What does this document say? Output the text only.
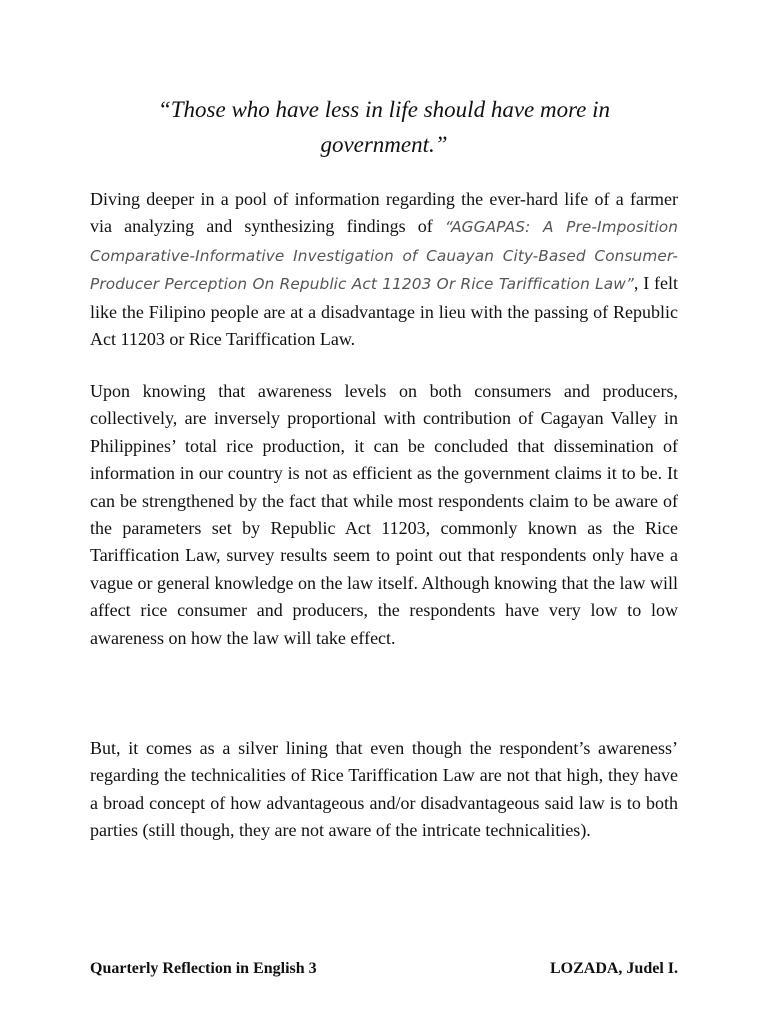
“Those who have less in life should have more in
government.”

Diving deeper in a pool of information regarding the ever-hard life of a farmer via analyzing and synthesizing findings of “AGGAPAS: A Pre-Imposition Comparative-Informative Investigation of Cauayan City-Based Consumer-Producer Perception On Republic Act 11203 Or Rice Tariffication Law”, I felt like the Filipino people are at a disadvantage in lieu with the passing of Republic Act 11203 or Rice Tariffication Law.

Upon knowing that awareness levels on both consumers and producers, collectively, are inversely proportional with contribution of Cagayan Valley in Philippines’ total rice production, it can be concluded that dissemination of information in our country is not as efficient as the government claims it to be. It can be strengthened by the fact that while most respondents claim to be aware of the parameters set by Republic Act 11203, commonly known as the Rice Tariffication Law, survey results seem to point out that respondents only have a vague or general knowledge on the law itself. Although knowing that the law will affect rice consumer and producers, the respondents have very low to low awareness on how the law will take effect.

But, it comes as a silver lining that even though the respondent’s awareness’ regarding the technicalities of Rice Tariffication Law are not that high, they have a broad concept of how advantageous and/or disadvantageous said law is to both parties (still though, they are not aware of the intricate technicalities).

Quarterly Reflection in English 3	LOZADA, Judel I.
